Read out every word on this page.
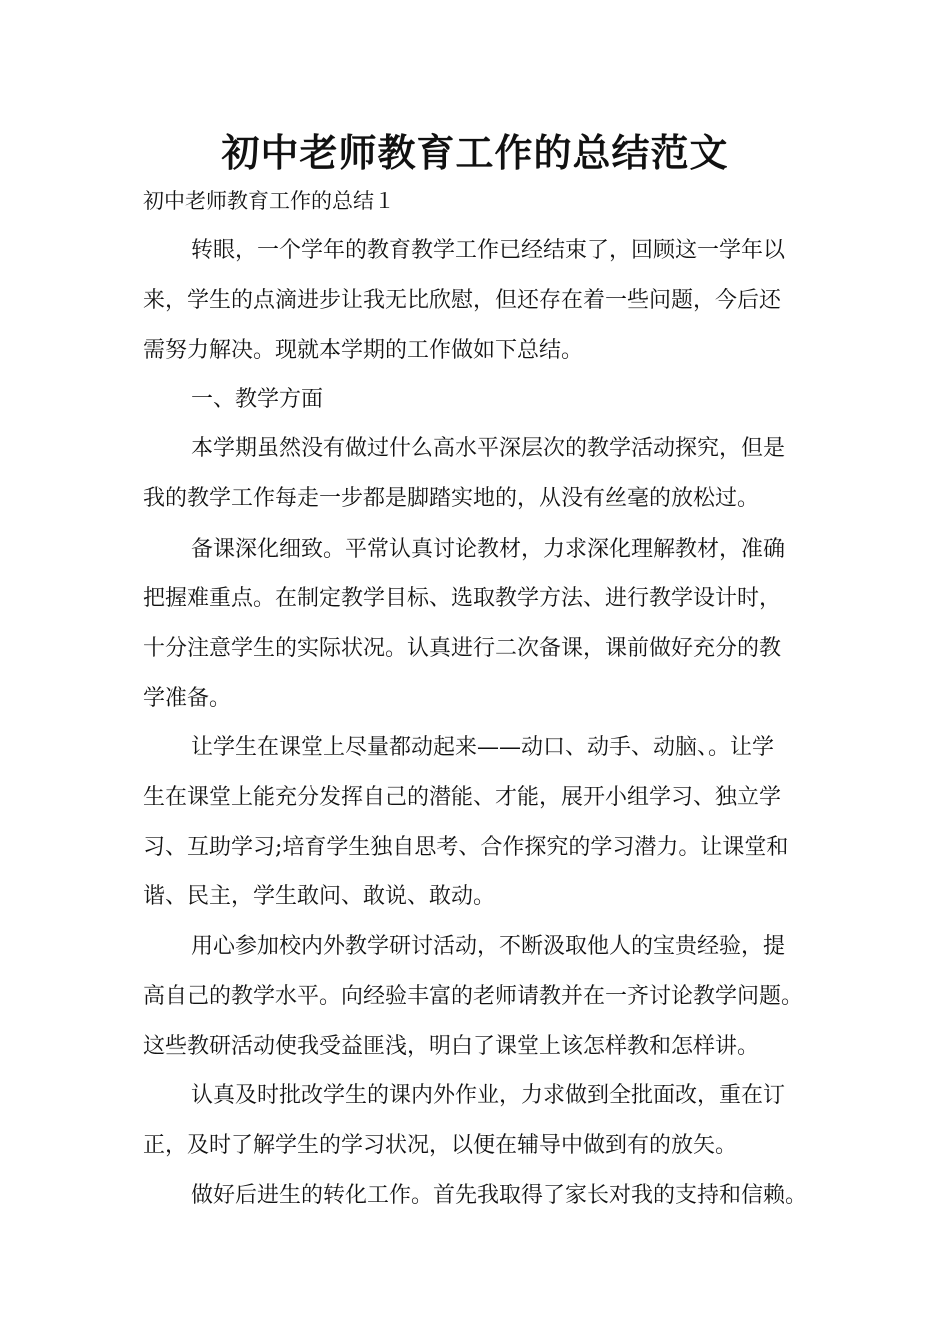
初中老师教育工作的总结范文

初中老师教育工作的总结１

转眼，一个学年的教育教学工作已经结束了，回顾这一学年以

来，学生的点滴进步让我无比欣慰，但还存在着一些问题，今后还

需努力解决。现就本学期的工作做如下总结。

一、教学方面

本学期虽然没有做过什么高水平深层次的教学活动探究，但是

我的教学工作每走一步都是脚踏实地的，从没有丝毫的放松过。

备课深化细致。平常认真讨论教材，力求深化理解教材，准确

把握难重点。在制定教学目标、选取教学方法、进行教学设计时，

十分注意学生的实际状况。认真进行二次备课，课前做好充分的教

学准备。

让学生在课堂上尽量都动起来——动口、动手、动脑、。让学

生在课堂上能充分发挥自己的潜能、才能，展开小组学习、独立学

习、互助学习;培育学生独自思考、合作探究的学习潜力。让课堂和

谐、民主，学生敢问、敢说、敢动。

用心参加校内外教学研讨活动，不断汲取他人的宝贵经验，提

高自己的教学水平。向经验丰富的老师请教并在一齐讨论教学问题。

这些教研活动使我受益匪浅，明白了课堂上该怎样教和怎样讲。

认真及时批改学生的课内外作业，力求做到全批面改，重在订

正，及时了解学生的学习状况，以便在辅导中做到有的放矢。

做好后进生的转化工作。首先我取得了家长对我的支持和信赖。
